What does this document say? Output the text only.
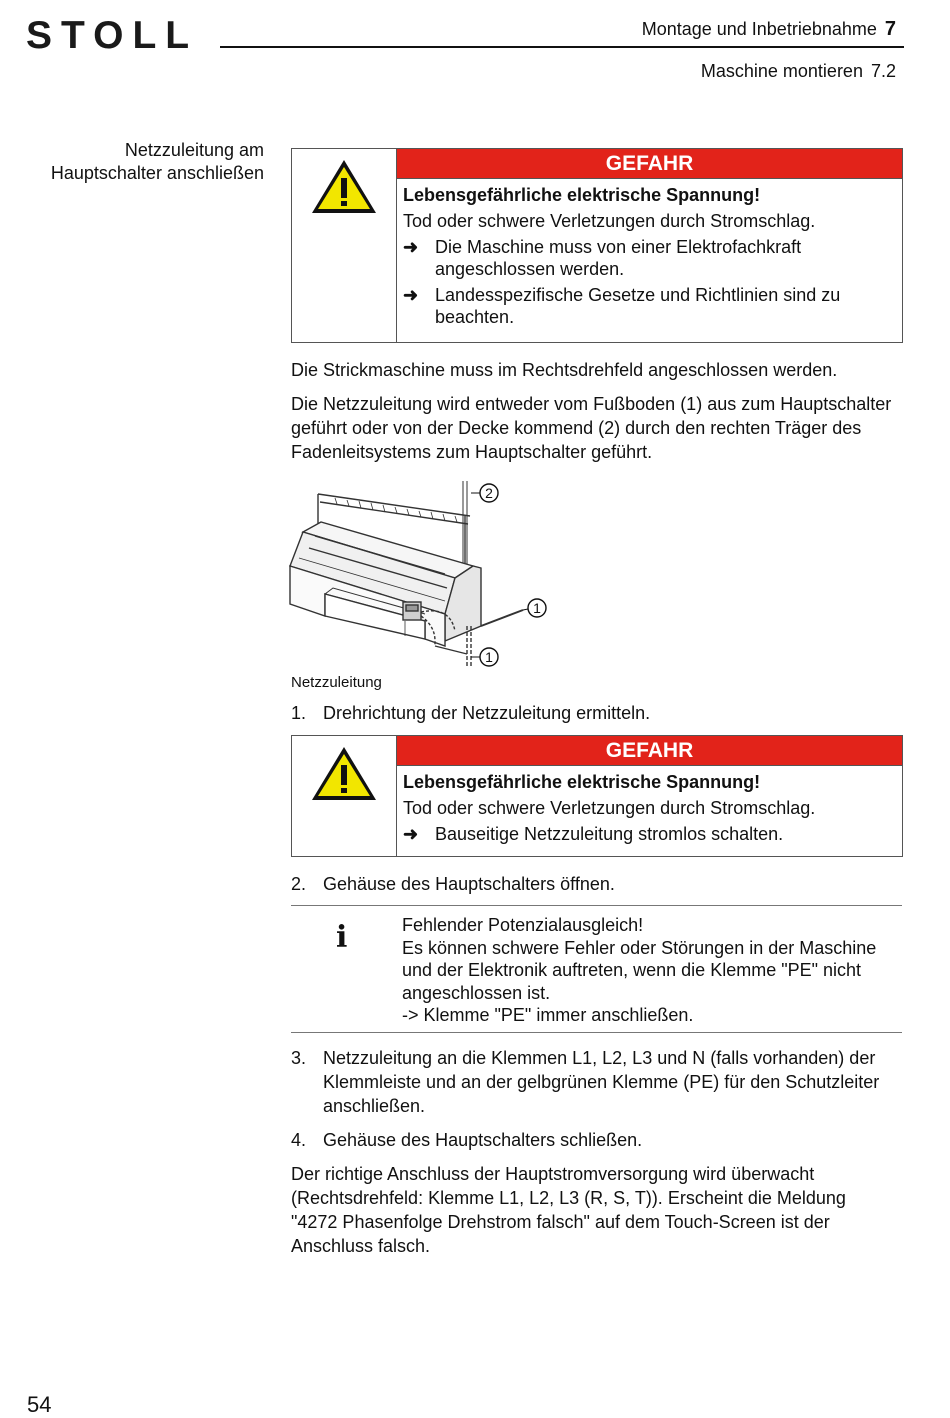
STOLL	Montage und Inbetriebnahme 7
Maschine montieren 7.2
Netzzuleitung am
Hauptschalter anschließen	GEFAHR
Lebensgefährliche elektrische Spannung!
Tod oder schwere Verletzungen durch Stromschlag.
➜ Die Maschine muss von einer Elektrofachkraft
angeschlossen werden.
➜ Landesspezifische Gesetze und Richtlinien sind zu
beachten.
Die Strickmaschine muss im Rechtsdrehfeld angeschlossen werden.
Die Netzzuleitung wird entweder vom Fußboden (1) aus zum Hauptschalter
geführt oder von der Decke kommend (2) durch den rechten Träger des
Fadenleitsystems zum Hauptschalter geführt.
2
1
1
Netzzuleitung
1. Drehrichtung der Netzzuleitung ermitteln.
GEFAHR
Lebensgefährliche elektrische Spannung!
Tod oder schwere Verletzungen durch Stromschlag.
➜ Bauseitige Netzzuleitung stromlos schalten.
2. Gehäuse des Hauptschalters öffnen.
i	Fehlender Potenzialausgleich!
Es können schwere Fehler oder Störungen in der Maschine
und der Elektronik auftreten, wenn die Klemme "PE" nicht
angeschlossen ist.
-> Klemme "PE" immer anschließen.
3. Netzzuleitung an die Klemmen L1, L2, L3 und N (falls vorhanden) der
Klemmleiste und an der gelbgrünen Klemme (PE) für den Schutzleiter
anschließen.
4. Gehäuse des Hauptschalters schließen.
Der richtige Anschluss der Hauptstromversorgung wird überwacht
(Rechtsdrehfeld: Klemme L1, L2, L3 (R, S, T)). Erscheint die Meldung
"4272 Phasenfolge Drehstrom falsch" auf dem Touch-Screen ist der
Anschluss falsch.
54
